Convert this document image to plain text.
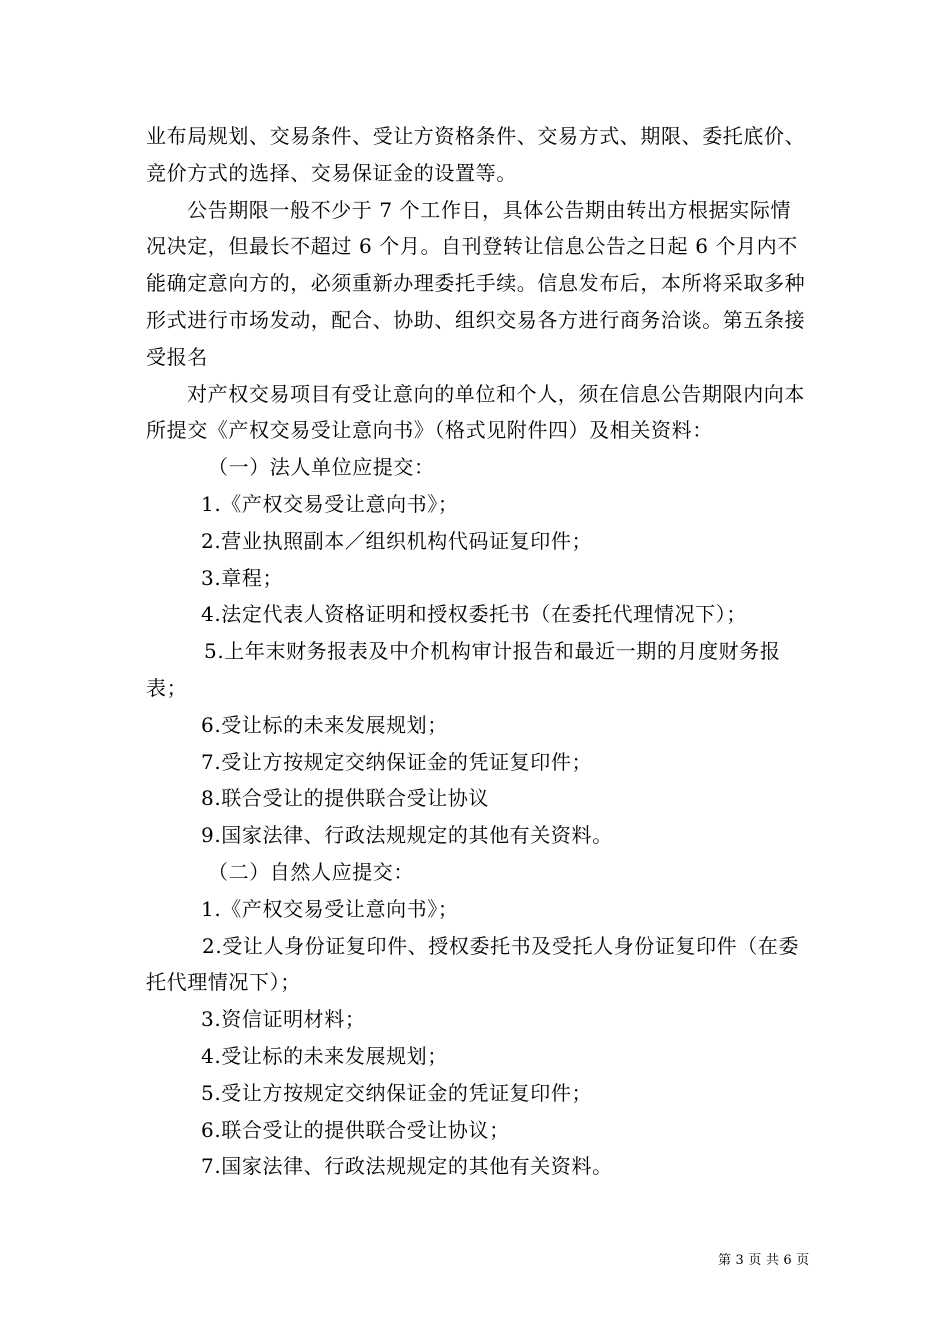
业布局规划、交易条件、受让方资格条件、交易方式、期限、委托底价、竞价方式的选择、交易保证金的设置等。

公告期限一般不少于 7 个工作日，具体公告期由转出方根据实际情况决定，但最长不超过 6 个月。自刊登转让信息公告之日起 6 个月内不能确定意向方的，必须重新办理委托手续。信息发布后，本所将采取多种形式进行市场发动，配合、协助、组织交易各方进行商务洽谈。第五条接受报名

对产权交易项目有受让意向的单位和个人，须在信息公告期限内向本所提交《产权交易受让意向书》（格式见附件四）及相关资料：

（一）法人单位应提交：

1.《产权交易受让意向书》；

2.营业执照副本／组织机构代码证复印件；

3.章程；

4.法定代表人资格证明和授权委托书（在委托代理情况下）；

5.上年末财务报表及中介机构审计报告和最近一期的月度财务报表；

6.受让标的未来发展规划；

7.受让方按规定交纳保证金的凭证复印件；

8.联合受让的提供联合受让协议

9.国家法律、行政法规规定的其他有关资料。

（二）自然人应提交：

1.《产权交易受让意向书》；

2.受让人身份证复印件、授权委托书及受托人身份证复印件（在委托代理情况下）；

3.资信证明材料；

4.受让标的未来发展规划；

5.受让方按规定交纳保证金的凭证复印件；

6.联合受让的提供联合受让协议；

7.国家法律、行政法规规定的其他有关资料。

第 3 页 共 6 页
